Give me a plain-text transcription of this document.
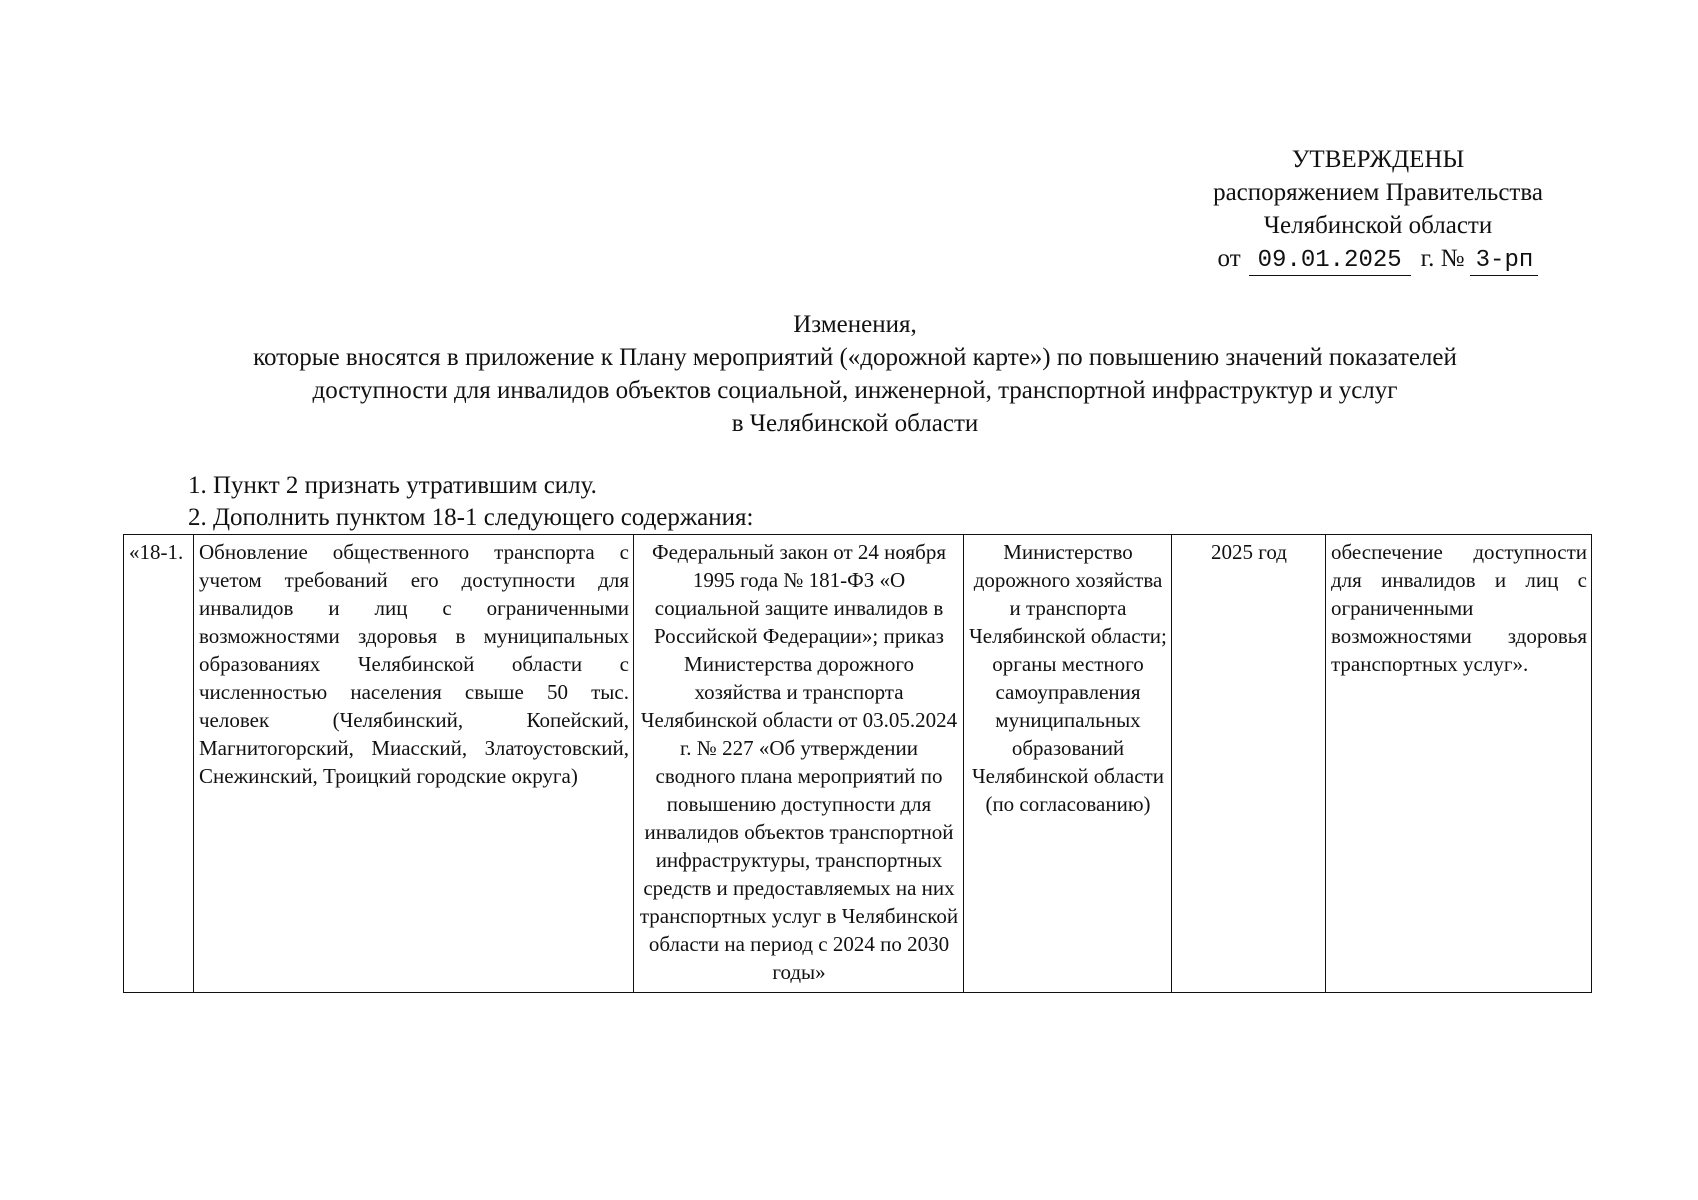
УТВЕРЖДЕНЫ
распоряжением Правительства
Челябинской области
от 09.01.2025 г. № 3-рп
Изменения,
которые вносятся в приложение к Плану мероприятий («дорожной карте») по повышению значений показателей
доступности для инвалидов объектов социальной, инженерной, транспортной инфраструктур и услуг
в Челябинской области
1. Пункт 2 признать утратившим силу.
2. Дополнить пунктом 18-1 следующего содержания:
«18-1.	Обновление общественного транспорта с учетом требований его доступности для инвалидов и лиц с ограниченными возможностями здоровья в муниципальных образованиях Челябинской области с численностью населения свыше 50 тыс. человек (Челябинский, Копейский, Магнитогорский, Миасский, Златоустовский, Снежинский, Троицкий городские округа)	Федеральный закон от 24 ноября 1995 года № 181-ФЗ «О социальной защите инвалидов в Российской Федерации»; приказ Министерства дорожного хозяйства и транспорта Челябинской области от 03.05.2024 г. № 227 «Об утверждении сводного плана мероприятий по повышению доступности для инвалидов объектов транспортной инфраструктуры, транспортных средств и предоставляемых на них транспортных услуг в Челябинской области на период с 2024 по 2030 годы»	Министерство дорожного хозяйства и транспорта Челябинской области; органы местного самоуправления муниципальных образований Челябинской области (по согласованию)	2025 год	обеспечение доступности для инвалидов и лиц с ограниченными возможностями здоровья транспортных услуг».
